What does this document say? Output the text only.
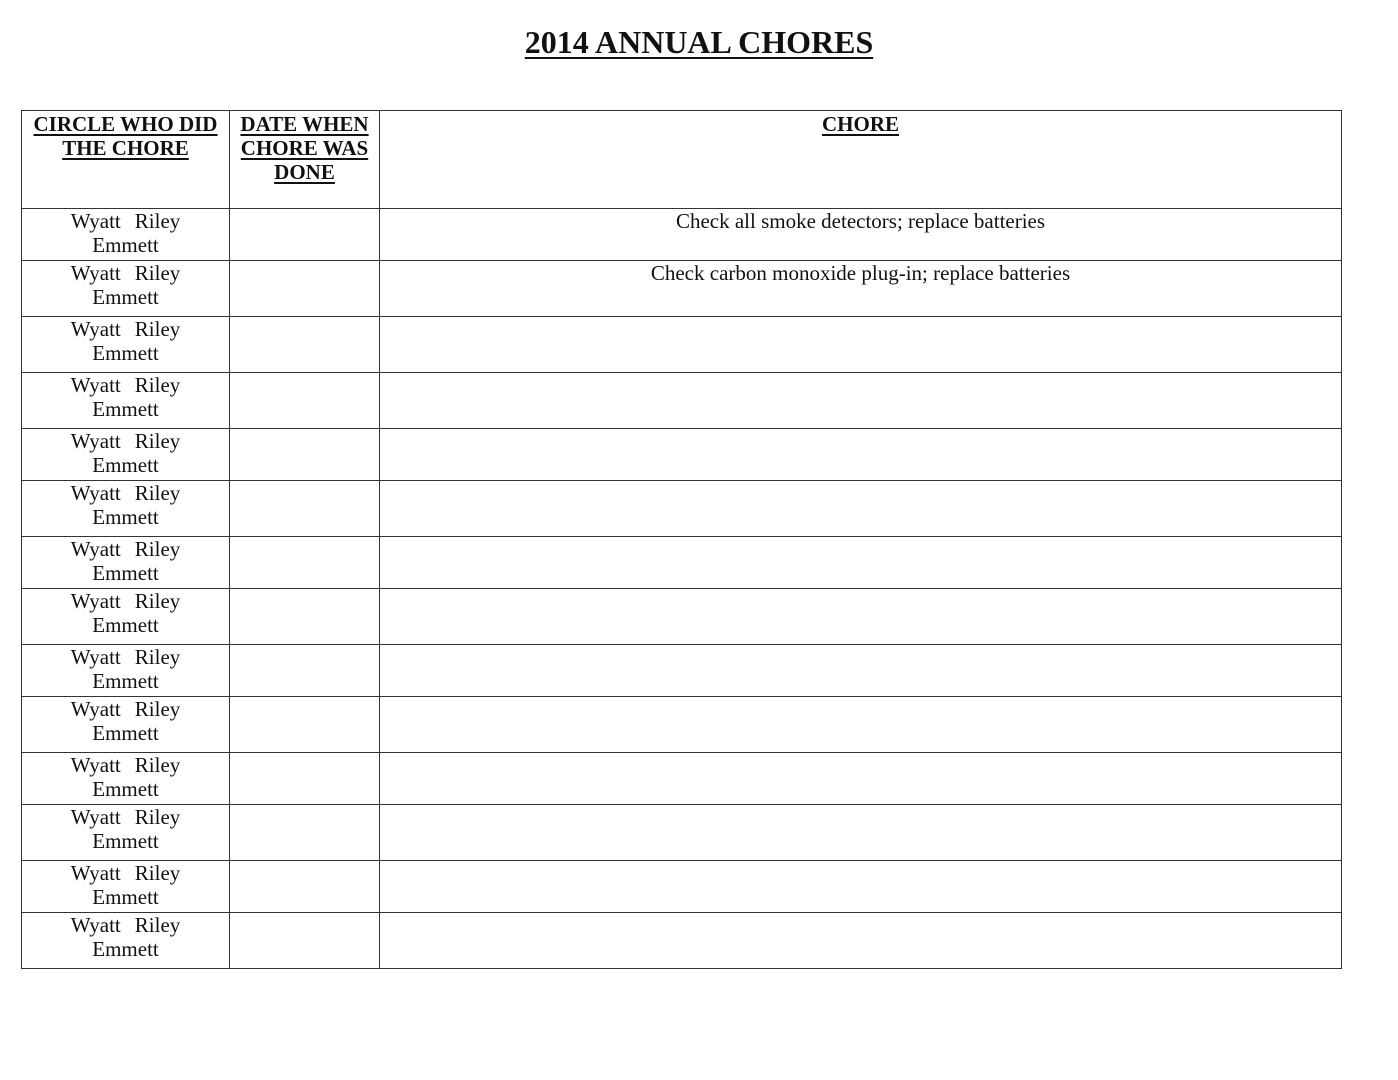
2014 ANNUAL CHORES
CIRCLE WHO DID THE CHORE	DATE WHEN CHORE WAS DONE	CHORE

Wyatt Riley
Emmett		Check all smoke detectors; replace batteries

Wyatt Riley
Emmett		Check carbon monoxide plug-in; replace batteries

Wyatt Riley
Emmett		

Wyatt Riley
Emmett		

Wyatt Riley
Emmett		

Wyatt Riley
Emmett		

Wyatt Riley
Emmett		

Wyatt Riley
Emmett		

Wyatt Riley
Emmett		

Wyatt Riley
Emmett		

Wyatt Riley
Emmett		

Wyatt Riley
Emmett		

Wyatt Riley
Emmett		

Wyatt Riley
Emmett		
